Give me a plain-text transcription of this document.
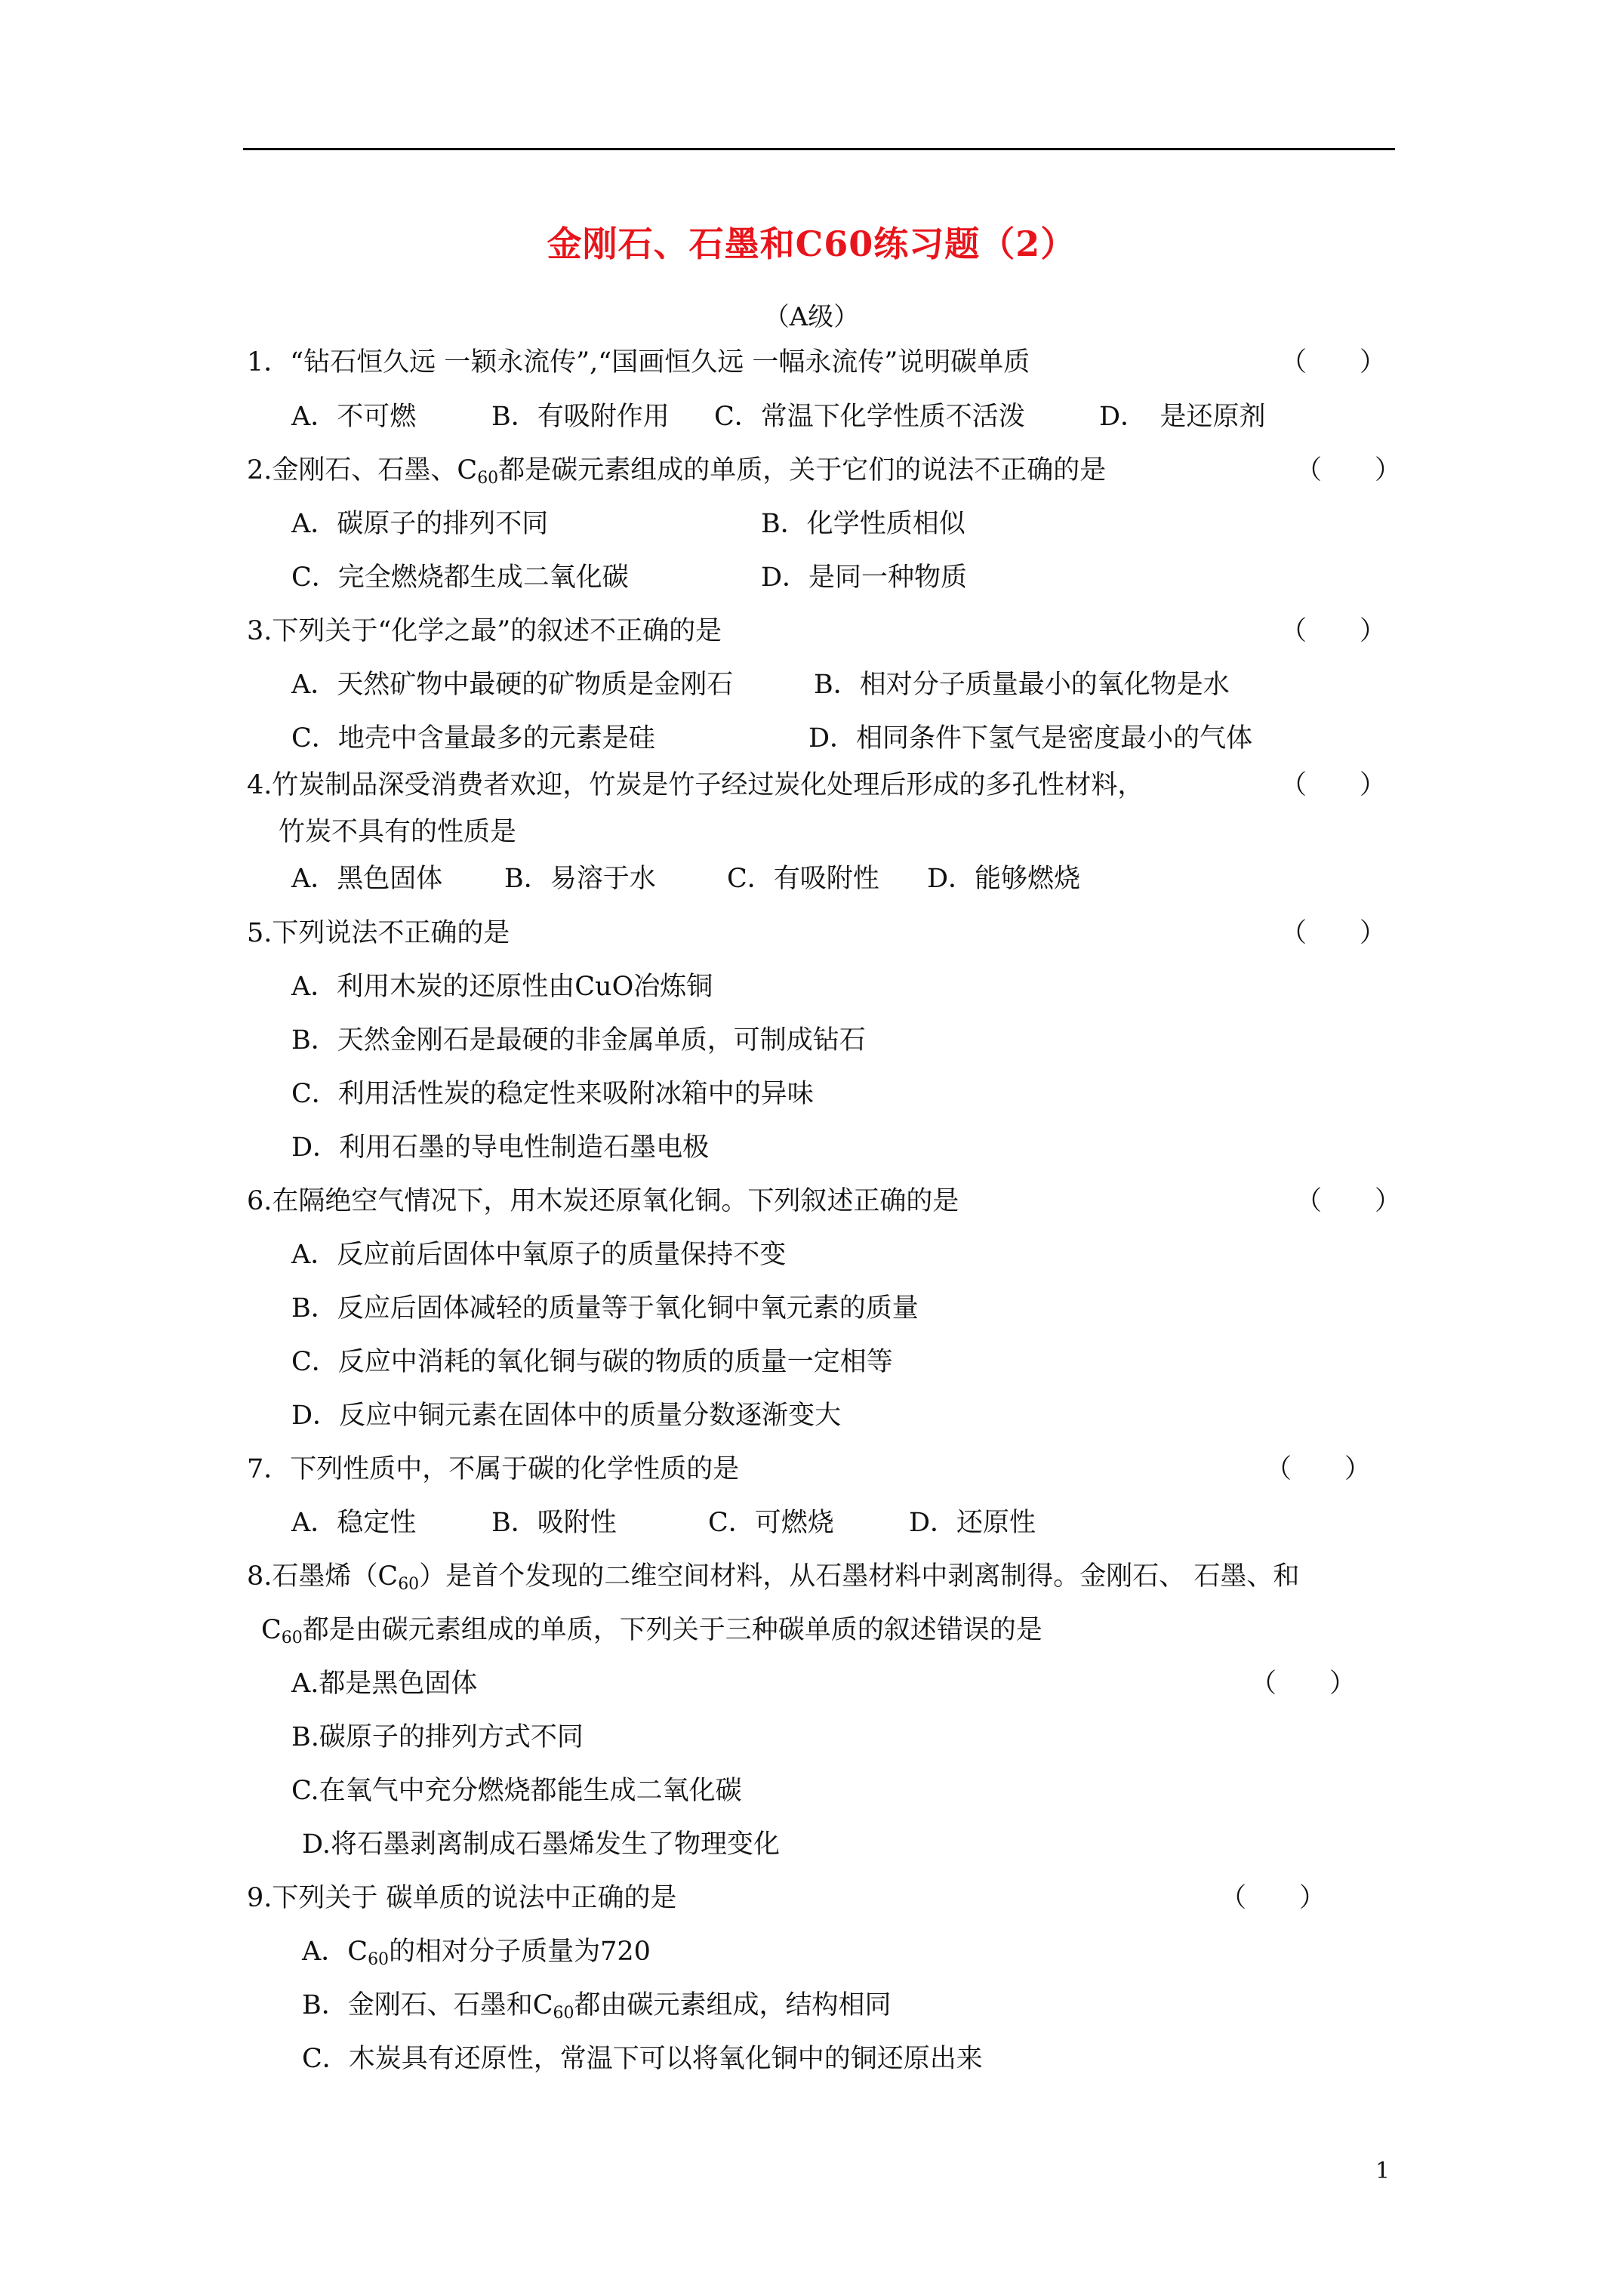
金刚石、石墨和C60练习题（2）
（A级）
1．“钻石恒久远 一颖永流传”,“国画恒久远 一幅永流传”说明碳单质	（　　）
A．不可燃	B．有吸附作用 C．常温下化学性质不活泼	D．　是还原剂
2.金刚石、石墨、$C_{60}$都是碳元素组成的单质，关于它们的说法不正确的是	（　　）
A．碳原子的排列不同	B．化学性质相似
C．完全燃烧都生成二氧化碳	D．是同一种物质
3.下列关于“化学之最”的叙述不正确的是	（　　）
A．天然矿物中最硬的矿物质是金刚石	B．相对分子质量最小的氧化物是水
C．地壳中含量最多的元素是硅	D．相同条件下氢气是密度最小的气体
4.竹炭制品深受消费者欢迎，竹炭是竹子经过炭化处理后形成的多孔性材料，	（　　）
竹炭不具有的性质是
A．黑色固体 B．易溶于水	C．有吸附性 D．能够燃烧
5.下列说法不正确的是	（　　）
A．利用木炭的还原性由CuO冶炼铜
B．天然金刚石是最硬的非金属单质，可制成钻石
C．利用活性炭的稳定性来吸附冰箱中的异味
D．利用石墨的导电性制造石墨电极
6.在隔绝空气情况下，用木炭还原氧化铜。下列叙述正确的是	（　　）
A．反应前后固体中氧原子的质量保持不变
B．反应后固体减轻的质量等于氧化铜中氧元素的质量
C．反应中消耗的氧化铜与碳的物质的质量一定相等
D．反应中铜元素在固体中的质量分数逐渐变大
7．下列性质中，不属于碳的化学性质的是	（　　）
A．稳定性	B．吸附性	C．可燃烧	D．还原性
8.石墨烯$(C_{60})$是首个发现的二维空间材料，从石墨材料中剥离制得。金刚石、 石墨、和
$C_{60}$都是由碳元素组成的单质，下列关于三种碳单质的叙述错误的是
A.都是黑色固体	（　　）
B.碳原子的排列方式不同
C.在氧气中充分燃烧都能生成二氧化碳
D.将石墨剥离制成石墨烯发生了物理变化
9.下列关于 碳单质的说法中正确的是	（　　）
A．$C_{60}$的相对分子质量为720
B．金刚石、石墨和$C_{60}$都由碳元素组成，结构相同
C．木炭具有还原性，常温下可以将氧化铜中的铜还原出来
1
